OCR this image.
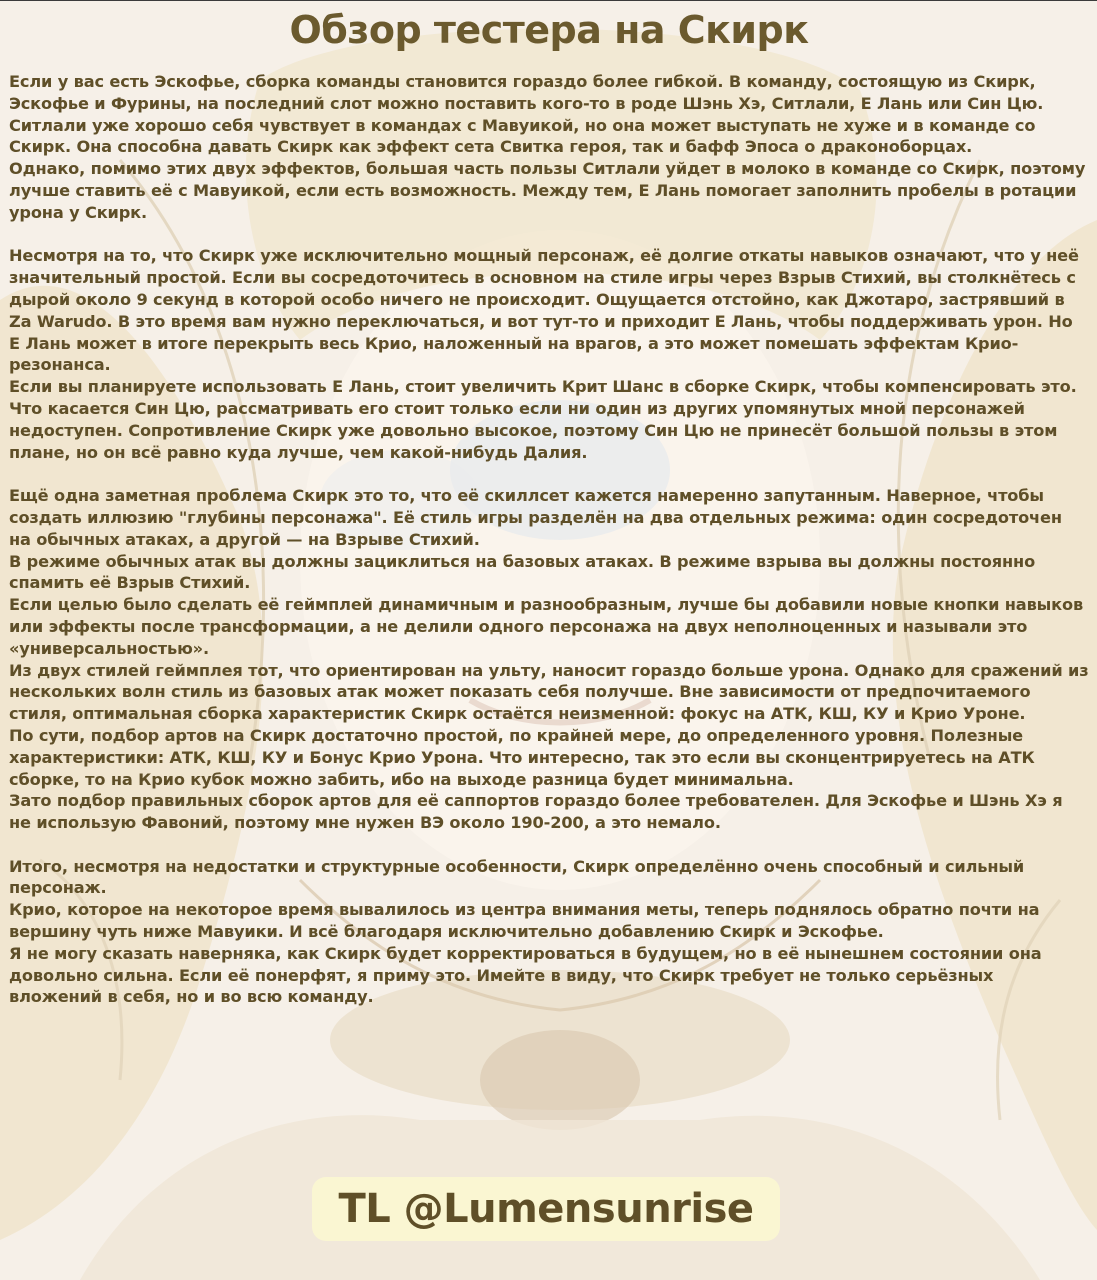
Обзор тестера на Скирк

Если у вас есть Эскофье, сборка команды становится гораздо более гибкой. В команду, состоящую из Скирк, Эскофье и Фурины, на последний слот можно поставить кого-то в роде Шэнь Хэ, Ситлали, Е Лань или Син Цю.

Ситлали уже хорошо себя чувствует в командах с Мавуикой, но она может выступать не хуже и в команде со Скирк. Она способна давать Скирк как эффект сета Свитка героя, так и бафф Эпоса о драконоборцах.

Однако, помимо этих двух эффектов, большая часть пользы Ситлали уйдет в молоко в команде со Скирк, поэтому лучше ставить её с Мавуикой, если есть возможность. Между тем, Е Лань помогает заполнить пробелы в ротации урона у Скирк.

Несмотря на то, что Скирк уже исключительно мощный персонаж, её долгие откаты навыков означают, что у неё значительный простой. Если вы сосредоточитесь в основном на стиле игры через Взрыв Стихий, вы столкнётесь с дырой около 9 секунд в которой особо ничего не происходит. Ощущается отстойно, как Джотаро, застрявший в Za Warudo. В это время вам нужно переключаться, и вот тут-то и приходит Е Лань, чтобы поддерживать урон. Но Е Лань может в итоге перекрыть весь Крио, наложенный на врагов, а это может помешать эффектам Крио-резонанса.

Если вы планируете использовать Е Лань, стоит увеличить Крит Шанс в сборке Скирк, чтобы компенсировать это.

Что касается Син Цю, рассматривать его стоит только если ни один из других упомянутых мной персонажей недоступен. Сопротивление Скирк уже довольно высокое, поэтому Син Цю не принесёт большой пользы в этом плане, но он всё равно куда лучше, чем какой-нибудь Далия.

Ещё одна заметная проблема Скирк это то, что её скиллсет кажется намеренно запутанным. Наверное, чтобы создать иллюзию "глубины персонажа". Её стиль игры разделён на два отдельных режима: один сосредоточен на обычных атаках, а другой — на Взрыве Стихий.

В режиме обычных атак вы должны зациклиться на базовых атаках. В режиме взрыва вы должны постоянно спамить её Взрыв Стихий.

Если целью было сделать её геймплей динамичным и разнообразным, лучше бы добавили новые кнопки навыков или эффекты после трансформации, а не делили одного персонажа на двух неполноценных и называли это «универсальностью».

Из двух стилей геймплея тот, что ориентирован на ульту, наносит гораздо больше урона. Однако для сражений из нескольких волн стиль из базовых атак может показать себя получше. Вне зависимости от предпочитаемого стиля, оптимальная сборка характеристик Скирк остаётся неизменной: фокус на АТК, КШ, КУ и Крио Уроне.

По сути, подбор артов на Скирк достаточно простой, по крайней мере, до определенного уровня. Полезные характеристики: АТК, КШ, КУ и Бонус Крио Урона. Что интересно, так это если вы сконцентрируетесь на АТК сборке, то на Крио кубок можно забить, ибо на выходе разница будет минимальна.

Зато подбор правильных сборок артов для её саппортов гораздо более требователен. Для Эскофье и Шэнь Хэ я не использую Фавоний, поэтому мне нужен ВЭ около 190-200, а это немало.

Итого, несмотря на недостатки и структурные особенности, Скирк определённо очень способный и сильный персонаж.

Крио, которое на некоторое время вывалилось из центра внимания меты, теперь поднялось обратно почти на вершину чуть ниже Мавуики. И всё благодаря исключительно добавлению Скирк и Эскофье.

Я не могу сказать наверняка, как Скирк будет корректироваться в будущем, но в её нынешнем состоянии она довольно сильна. Если её понерфят, я приму это. Имейте в виду, что Скирк требует не только серьёзных вложений в себя, но и во всю команду.

TL @Lumensunrise
